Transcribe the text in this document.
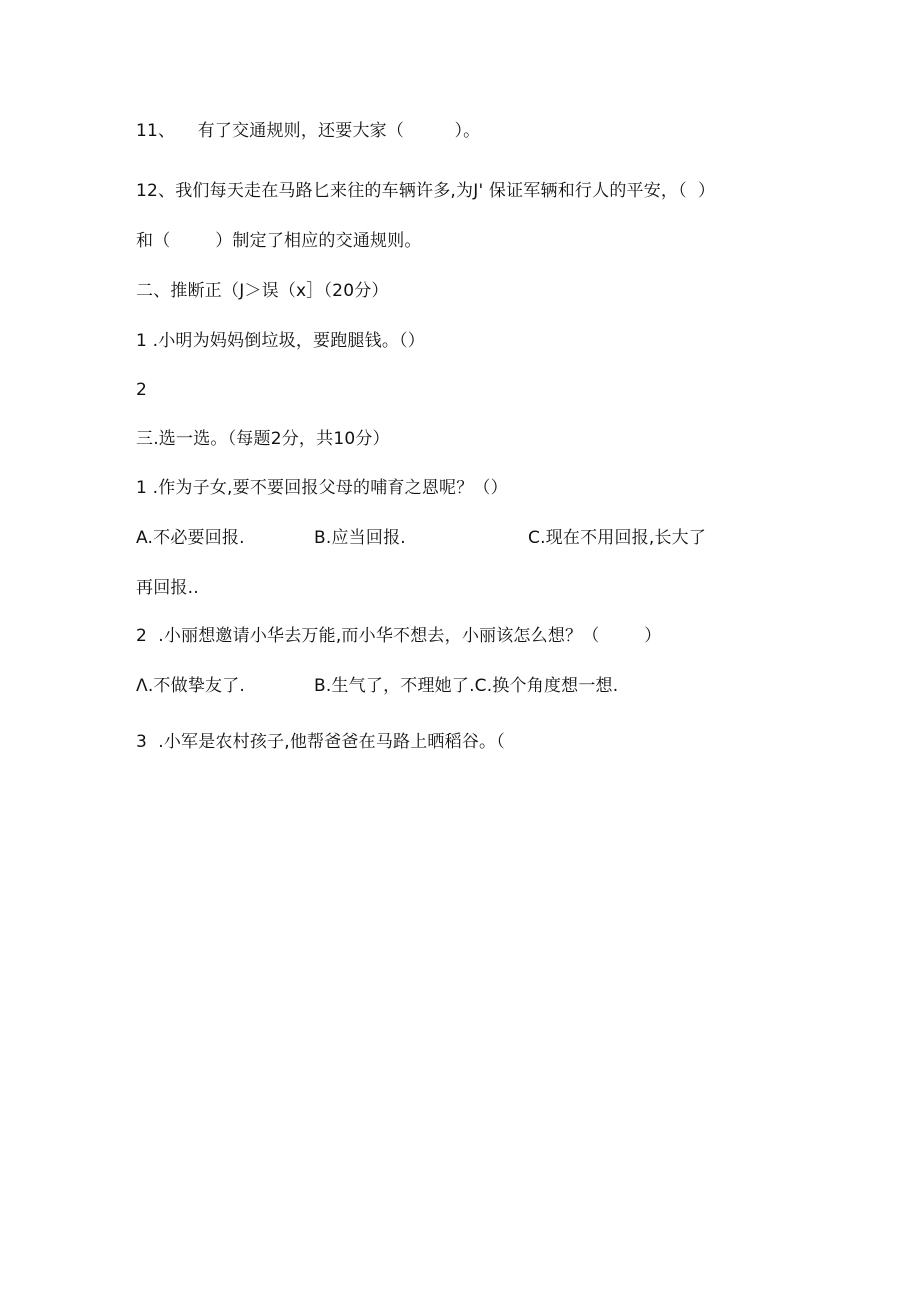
11、    有了交通规则，还要大家（         ）。
12、我们每天走在马路匕来往的车辆许多,为J' 保证军辆和行人的平安，（  ）
和（        ）制定了相应的交通规则。
二、推断正（J＞误（x］（20分）
1 .小明为妈妈倒垃圾，要跑腿钱。（）
2
三.选一选。（每题2分，共10分）
1 .作为子女,要不要回报父母的哺育之恩呢？（）
A.不必要回报.	B.应当回报.	C.现在不用回报,长大了
再回报..
2  .小丽想邀请小华去万能,而小华不想去，小丽该怎么想？（        ）
Λ.不做挚友了.	B.生气了，不理她了.C.换个角度想一想.
3  .小军是农村孩子,他帮爸爸在马路上晒稻谷。（
